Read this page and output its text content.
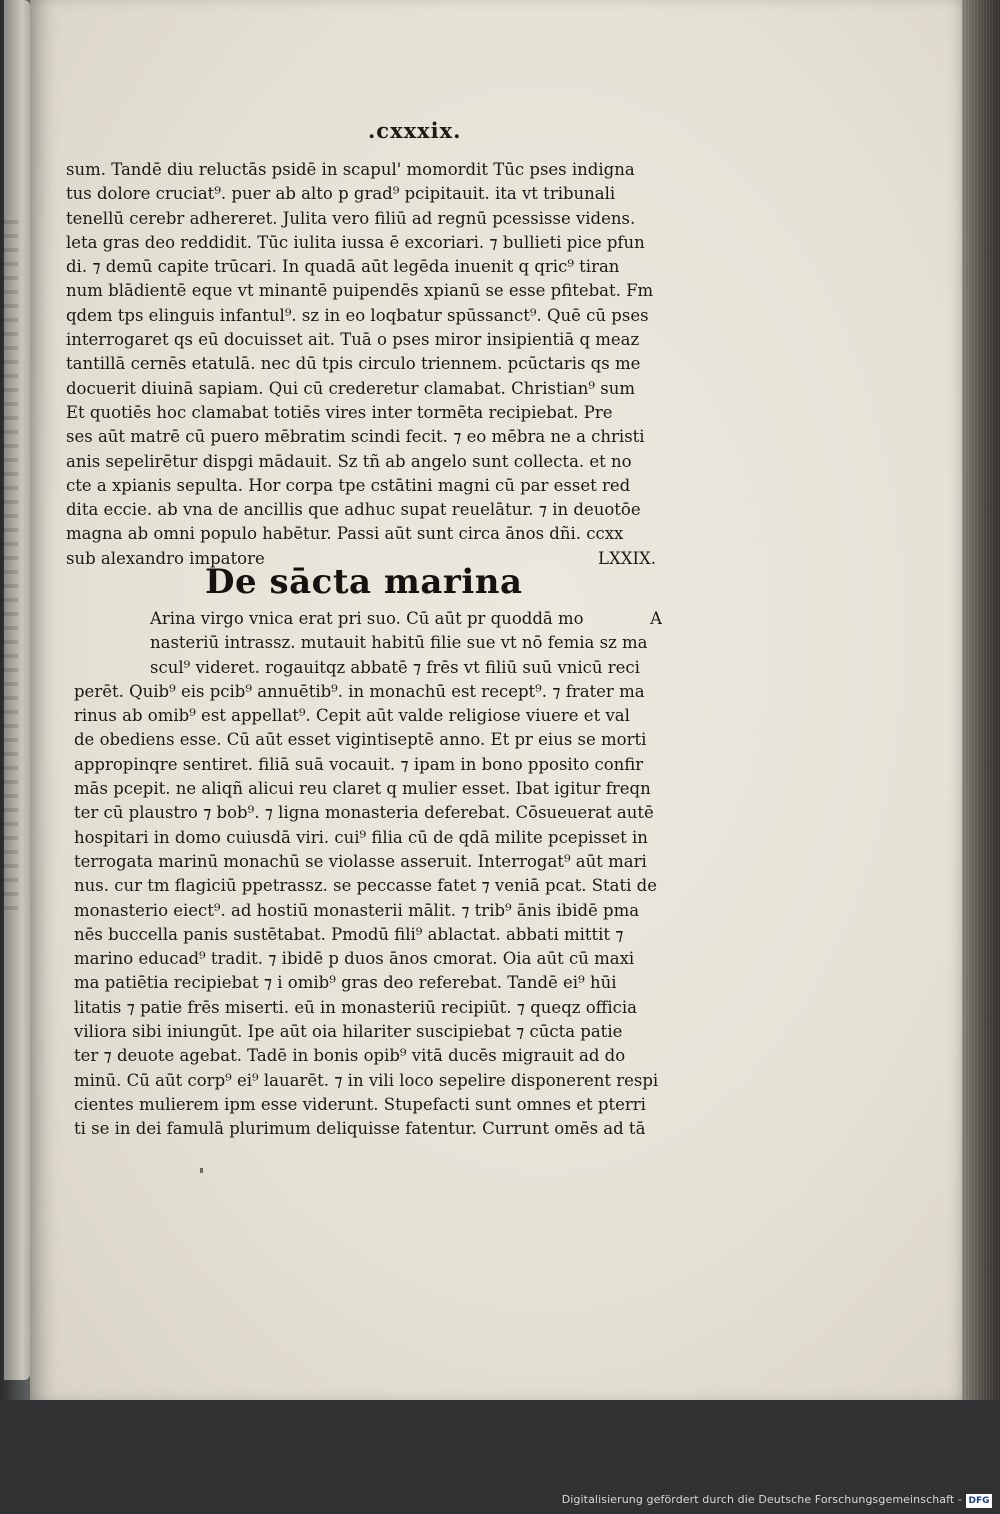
.cxxxix.
sum. Tandē diu reluctās psidē in scapul' momordit Tūc pses indigna
tus dolore cruciat⁹. puer ab alto p grad⁹ pcipitauit. ita vt tribunali
tenellū cerebr adhereret. Julita vero filiū ad regnū pcessisse videns.
leta gras deo reddidit. Tūc iulita iussa ē excoriari. ⁊ bullieti pice pfun
di. ⁊ demū capite trūcari. In quadā aūt legēda inuenit q qric⁹ tiran
num blādientē eque vt minantē puipendēs xpianū se esse pfitebat. Fm
qdem tps elinguis infantul⁹. sz in eo loqbatur spūssanct⁹. Quē cū pses
interrogaret qs eū docuisset ait. Tuā o pses miror insipientiā q meaz
tantillā cernēs etatulā. nec dū tpis circulo triennem. pcūctaris qs me
docuerit diuinā sapiam. Qui cū crederetur clamabat. Christian⁹ sum
Et quotiēs hoc clamabat totiēs vires inter tormēta recipiebat. Pre
ses aūt matrē cū puero mēbratim scindi fecit. ⁊ eo mēbra ne a christi
anis sepelirētur dispgi mādauit. Sz tñ ab angelo sunt collecta. et no
cte a xpianis sepulta. Hor corpa tpe cstātini magni cū par esset red
dita eccie. ab vna de ancillis que adhuc supat reuelātur. ⁊ in deuotōe
magna ab omni populo habētur. Passi aūt sunt circa ānos dñi. ccxx
sub alexandro impatore	LXXIX.
De sācta marina
Arina virgo vnica erat pri suo. Cū aūt pr quoddā mo	A
nasteriū intrassz. mutauit habitū filie sue vt nō femia sz ma
scul⁹ videret. rogauitqz abbatē ⁊ frēs vt filiū suū vnicū reci
perēt. Quib⁹ eis pcib⁹ annuētib⁹. in monachū est recept⁹. ⁊ frater ma
rinus ab omib⁹ est appellat⁹. Cepit aūt valde religiose viuere et val
de obediens esse. Cū aūt esset vigintiseptē anno. Et pr eius se morti
appropinqre sentiret. filiā suā vocauit. ⁊ ipam in bono pposito confir
mās pcepit. ne aliqñ alicui reu claret q mulier esset. Ibat igitur freqn
ter cū plaustro ⁊ bob⁹. ⁊ ligna monasteria deferebat. Cōsueuerat autē
hospitari in domo cuiusdā viri. cui⁹ filia cū de qdā milite pcepisset in
terrogata marinū monachū se violasse asseruit. Interrogat⁹ aūt mari
nus. cur tm flagiciū ppetrassz. se peccasse fatet ⁊ veniā pcat. Stati de
monasterio eiect⁹. ad hostiū monasterii mālit. ⁊ trib⁹ ānis ibidē pma
nēs buccella panis sustētabat. Pmodū fili⁹ ablactat. abbati mittit ⁊
marino educad⁹ tradit. ⁊ ibidē p duos ānos cmorat. Oia aūt cū maxi
ma patiētia recipiebat ⁊ i omib⁹ gras deo referebat. Tandē ei⁹ hūi
litatis ⁊ patie frēs miserti. eū in monasteriū recipiūt. ⁊ queqz officia
viliora sibi iniungūt. Ipe aūt oia hilariter suscipiebat ⁊ cūcta patie
ter ⁊ deuote agebat. Tadē in bonis opib⁹ vitā ducēs migrauit ad do
minū. Cū aūt corp⁹ ei⁹ lauarēt. ⁊ in vili loco sepelire disponerent respi
cientes mulierem ipm esse viderunt. Stupefacti sunt omnes et pterri
ti se in dei famulā plurimum deliquisse fatentur. Currunt omēs ad tā
Digitalisierung gefördert durch die Deutsche Forschungsgemeinschaft - DFG
